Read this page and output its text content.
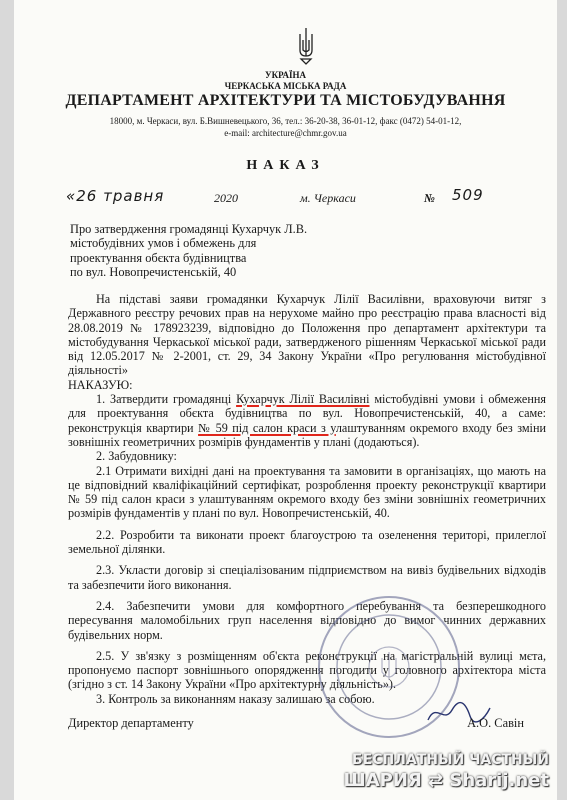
УКРАЇНА
ЧЕРКАСЬКА МІСЬКА РАДА
ДЕПАРТАМЕНТ АРХІТЕКТУРИ ТА МІСТОБУДУВАННЯ
18000, м. Черкаси, вул. Б.Вишневецького, 36, тел.: 36-20-38, 36-01-12, факс (0472) 54-01-12,
e-mail: architecture@chmr.gov.ua
НАКАЗ
«26 травня	2020	м. Черкаси	№ 509
Про затвердження громадянці Кухарчук Л.В.
містобудівних умов і обмежень для
проектування обєкта будівництва
по вул. Новопречистенській, 40

На підставі заяви громадянки Кухарчук Лілії Василівни, враховуючи витяг з Державного реєстру речових прав на нерухоме майно про реєстрацію права власності від 28.08.2019 № 178923239, відповідно до Положення про департамент архітектури та містобудування Черкаської міської ради, затвердженого рішенням Черкаської міської ради від 12.05.2017 № 2-2001, ст. 29, 34 Закону України «Про регулювання містобудівної діяльності»

НАКАЗУЮ:

1. Затвердити громадянці Кухарчук Лілії Василівні містобудівні умови і обмеження для проектування обєкта будівництва по вул. Новопречистенській, 40, а саме: реконструкція квартири № 59 під салон краси з улаштуванням окремого входу без зміни зовнішніх геометричних розмірів фундаментів у плані (додаються).

2. Забудовнику:

2.1 Отримати вихідні дані на проектування та замовити в організаціях, що мають на це відповідний кваліфікаційний сертифікат, розроблення проекту реконструкції квартири № 59 під салон краси з улаштуванням окремого входу без зміни зовнішніх геометричних розмірів фундаментів у плані по вул. Новопречистенській, 40.

2.2. Розробити та виконати проект благоустрою та озеленення територі, прилеглої земельної ділянки.

2.3. Укласти договір зі спеціалізованим підприємством на вивіз будівельних відходів та забезпечити його виконання.

2.4. Забезпечити умови для комфортного перебування та безперешкодного пересування маломобільних груп населення відповідно до вимог чинних державних будівельних норм.

2.5. У зв'язку з розміщенням об'єкта реконструкції на магістральній вулиці мєта, пропонуємо паспорт зовнішнього опорядження погодити у головного архітектора міста (згідно з ст. 14 Закону України «Про архітектурну діяльність»).

3. Контроль за виконанням наказу залишаю за собою.

Директор департаменту	А.О. Савін
БЕСПЛАТНЫЙ ЧАСТНЫЙ
ШАРИЯ ⇄ Sharij.net
